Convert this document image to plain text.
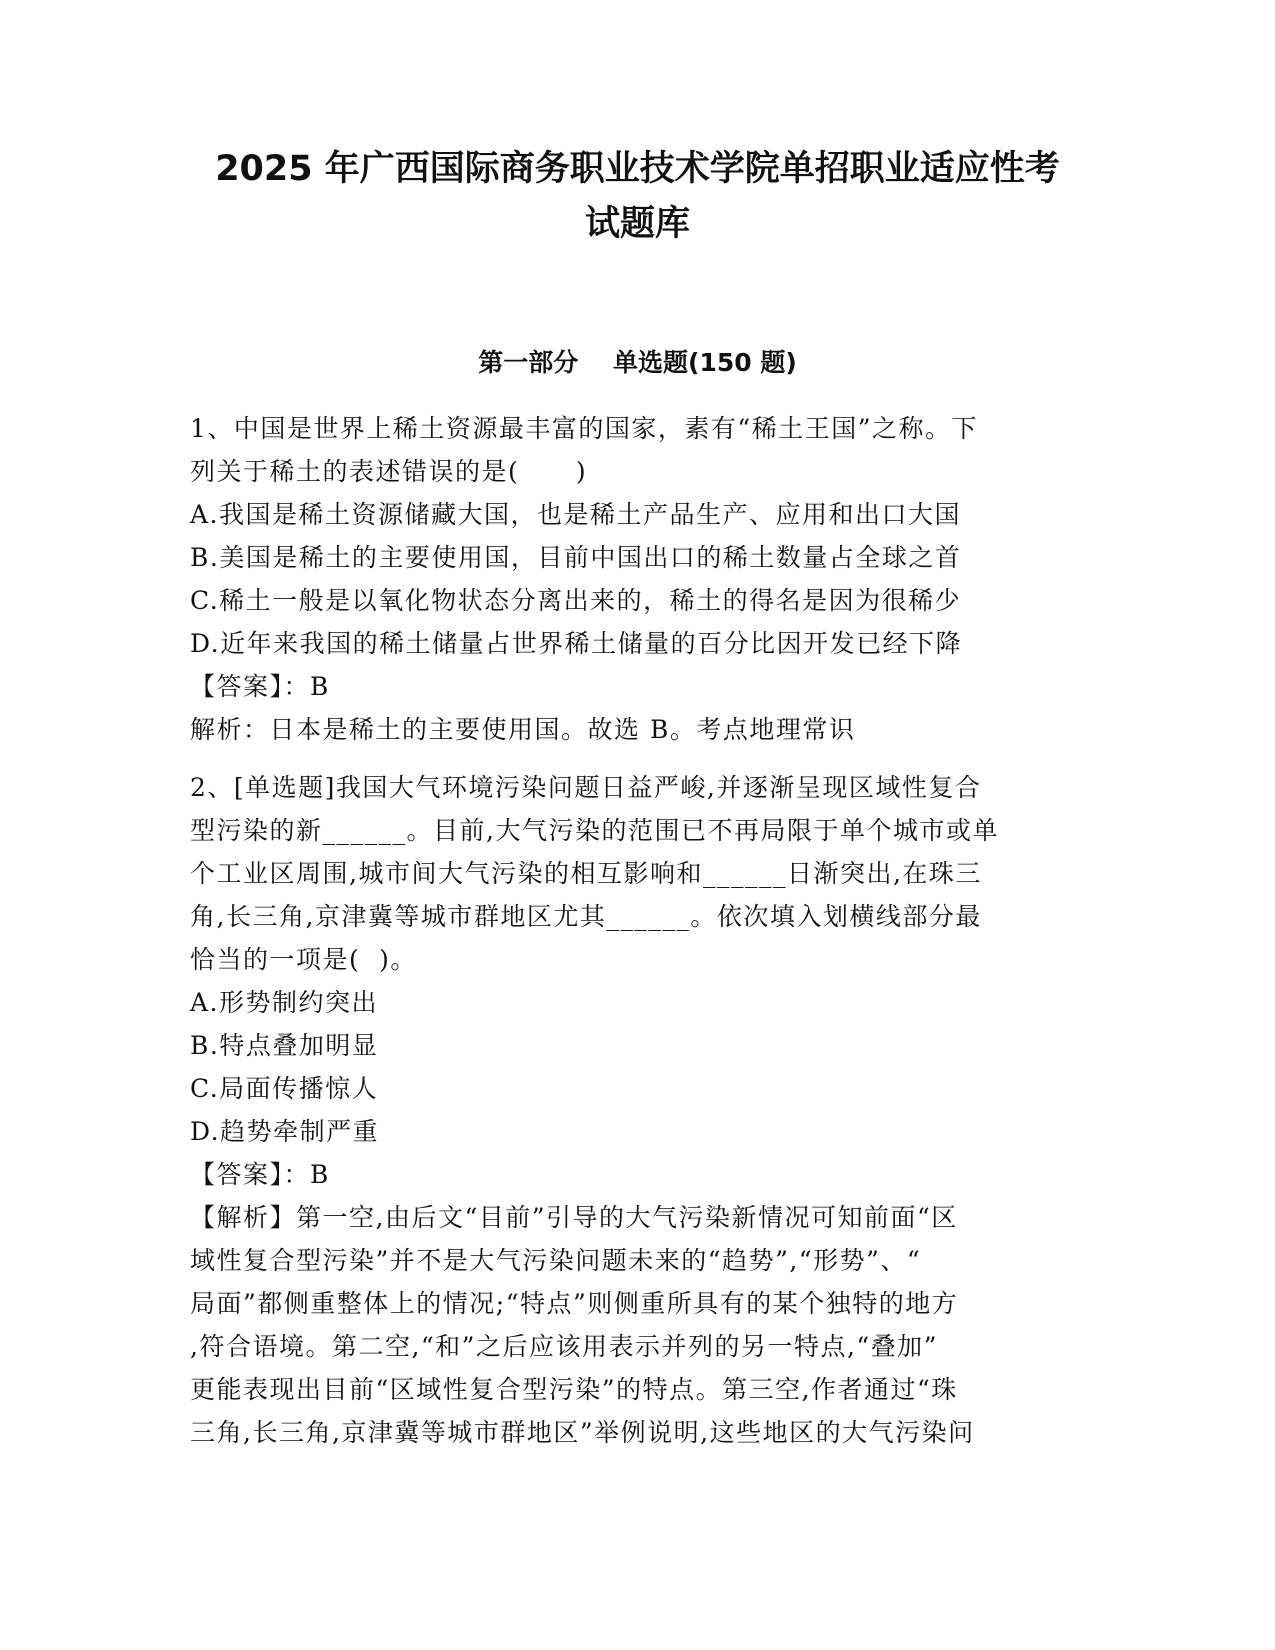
2025 年广西国际商务职业技术学院单招职业适应性考
试题库
第一部分    单选题(150 题)
1、中国是世界上稀土资源最丰富的国家，素有“稀土王国”之称。下
列关于稀土的表述错误的是(      )
A.我国是稀土资源储藏大国，也是稀土产品生产、应用和出口大国
B.美国是稀土的主要使用国，目前中国出口的稀土数量占全球之首
C.稀土一般是以氧化物状态分离出来的，稀土的得名是因为很稀少
D.近年来我国的稀土储量占世界稀土储量的百分比因开发已经下降
【答案】：B
解析：日本是稀土的主要使用国。故选 B。考点地理常识
2、[单选题]我国大气环境污染问题日益严峻,并逐渐呈现区域性复合
型污染的新______。目前,大气污染的范围已不再局限于单个城市或单
个工业区周围,城市间大气污染的相互影响和______日渐突出,在珠三
角,长三角,京津冀等城市群地区尤其______。依次填入划横线部分最
恰当的一项是(  )。
A.形势制约突出
B.特点叠加明显
C.局面传播惊人
D.趋势牵制严重
【答案】：B
【解析】第一空,由后文“目前”引导的大气污染新情况可知前面“区
域性复合型污染”并不是大气污染问题未来的“趋势”,“形势”、“
局面”都侧重整体上的情况;“特点”则侧重所具有的某个独特的地方
,符合语境。第二空,“和”之后应该用表示并列的另一特点,“叠加”
更能表现出目前“区域性复合型污染”的特点。第三空,作者通过“珠
三角,长三角,京津冀等城市群地区”举例说明,这些地区的大气污染问
